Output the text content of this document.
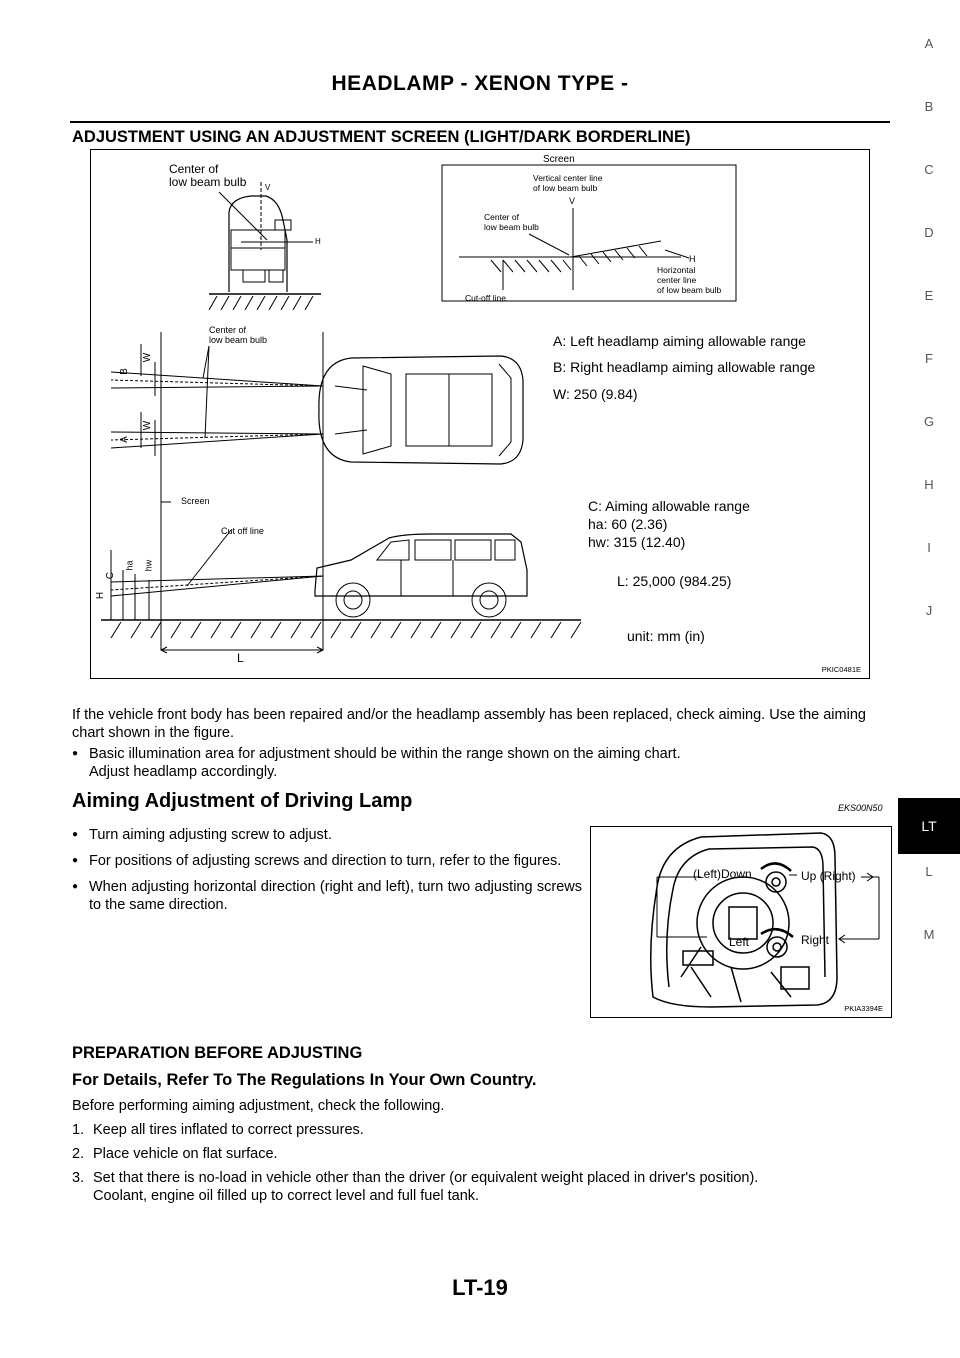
HEADLAMP - XENON TYPE -
ADJUSTMENT USING AN ADJUSTMENT SCREEN (LIGHT/DARK BORDERLINE)
Center of
low beam bulb V
H
Screen
Vertical center line
of low beam bulb
V
Center of
low beam bulb
H
Horizontal
center line
of low beam bulb
Cut-off line
Center of
low beam bulb	A: Left headlamp aiming allowable range
B: Right headlamp aiming allowable range
W: 250 (9.84)
Screen
Cut off line
C: Aiming allowable range
ha: 60 (2.36)
hw: 315 (12.40)
L: 25,000 (984.25)
unit: mm (in)
B
W
A
W
C
H
ha hw
L
PKIC0481E
If the vehicle front body has been repaired and/or the headlamp assembly has been replaced, check aiming. Use the aiming chart shown in the figure.
● Basic illumination area for adjustment should be within the range shown on the aiming chart.
Adjust headlamp accordingly.
Aiming Adjustment of Driving Lamp	EKS00N50
● Turn aiming adjusting screw to adjust.
● For positions of adjusting screws and direction to turn, refer to the figures.
● When adjusting horizontal direction (right and left), turn two adjusting screws to the same direction.
(Left)Down	Up (Right)
Left	Right
PKIA3394E
PREPARATION BEFORE ADJUSTING
For Details, Refer To The Regulations In Your Own Country.
Before performing aiming adjustment, check the following.
1. Keep all tires inflated to correct pressures.
2. Place vehicle on flat surface.
3. Set that there is no-load in vehicle other than the driver (or equivalent weight placed in driver's position).
Coolant, engine oil filled up to correct level and full fuel tank.
A
B
C
D
E
F
G
H
I
J
LT
L
M
LT-19
